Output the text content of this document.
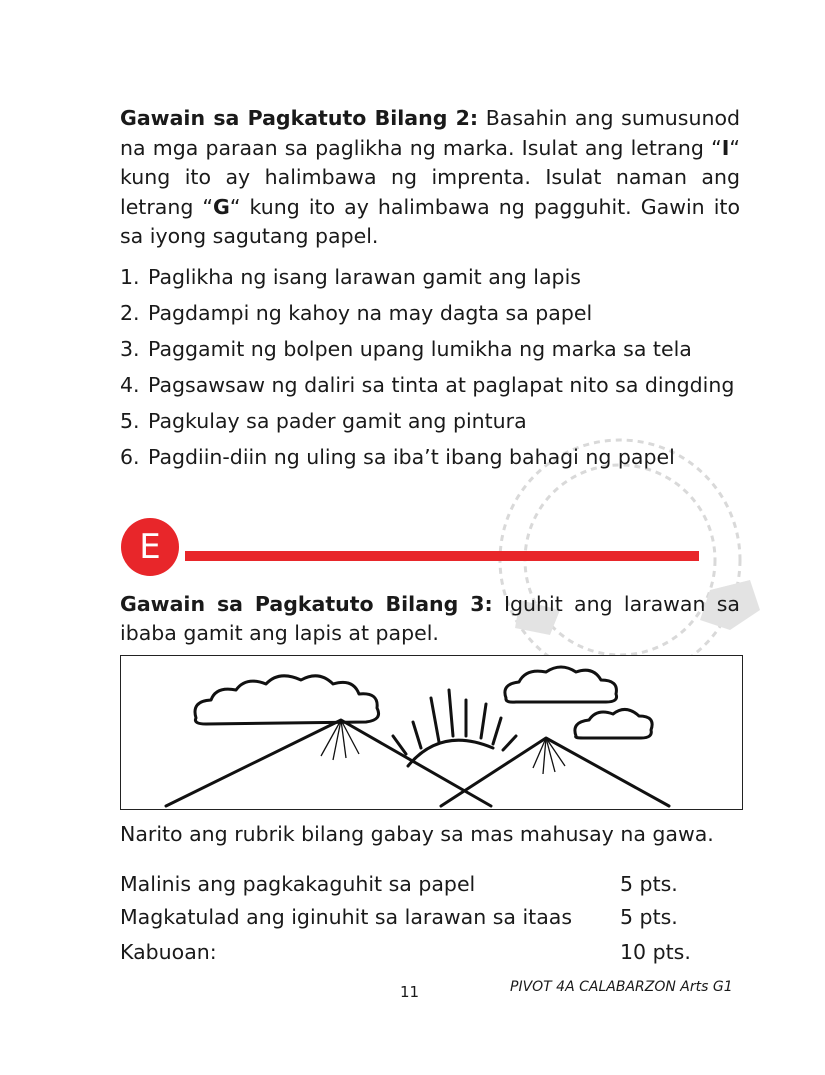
Gawain sa Pagkatuto Bilang 2: Basahin ang sumusunod na mga paraan sa paglikha ng marka. Isulat ang letrang “I“ kung ito ay halimbawa ng imprenta. Isulat naman ang letrang “G“ kung ito ay halimbawa ng pagguhit. Gawin ito sa iyong sagutang papel.
1. Paglikha ng isang larawan gamit ang lapis
2. Pagdampi ng kahoy na may dagta sa papel
3. Paggamit ng bolpen upang lumikha ng marka sa tela
4. Pagsawsaw ng daliri sa tinta at paglapat nito sa dingding
5. Pagkulay sa pader gamit ang pintura
6. Pagdiin-diin ng uling sa iba’t ibang bahagi ng papel
E
Gawain sa Pagkatuto Bilang 3: Iguhit ang larawan sa ibaba gamit ang lapis at papel.
Narito ang rubrik bilang gabay sa mas mahusay na gawa.
Malinis ang pagkakaguhit sa papel	5 pts.
Magkatulad ang iginuhit sa larawan sa itaas 5 pts.
Kabuoan:	10 pts.
11	PIVOT 4A CALABARZON Arts G1
